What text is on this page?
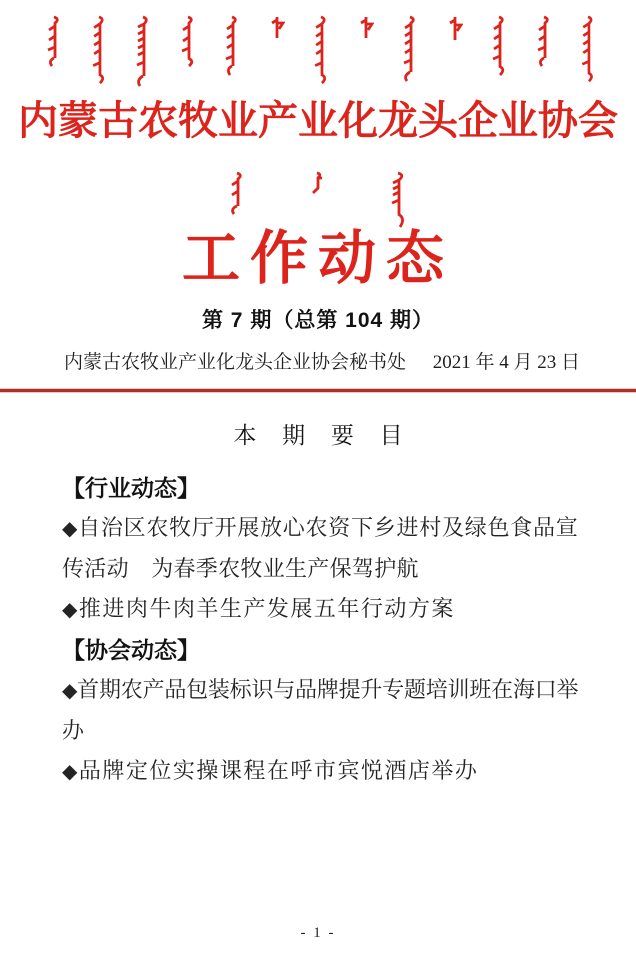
内蒙古农牧业产业化龙头企业协会
工作动态
第 7 期（总第 104 期）
内蒙古农牧业产业化龙头企业协会秘书处 2021 年 4 月 23 日
本 期 要 目
【行业动态】

◆自治区农牧厅开展放心农资下乡进村及绿色食品宣传活动　为春季农牧业生产保驾护航

◆推进肉牛肉羊生产发展五年行动方案

【协会动态】

◆首期农产品包装标识与品牌提升专题培训班在海口举办

◆品牌定位实操课程在呼市宾悦酒店举办

- 1 -
